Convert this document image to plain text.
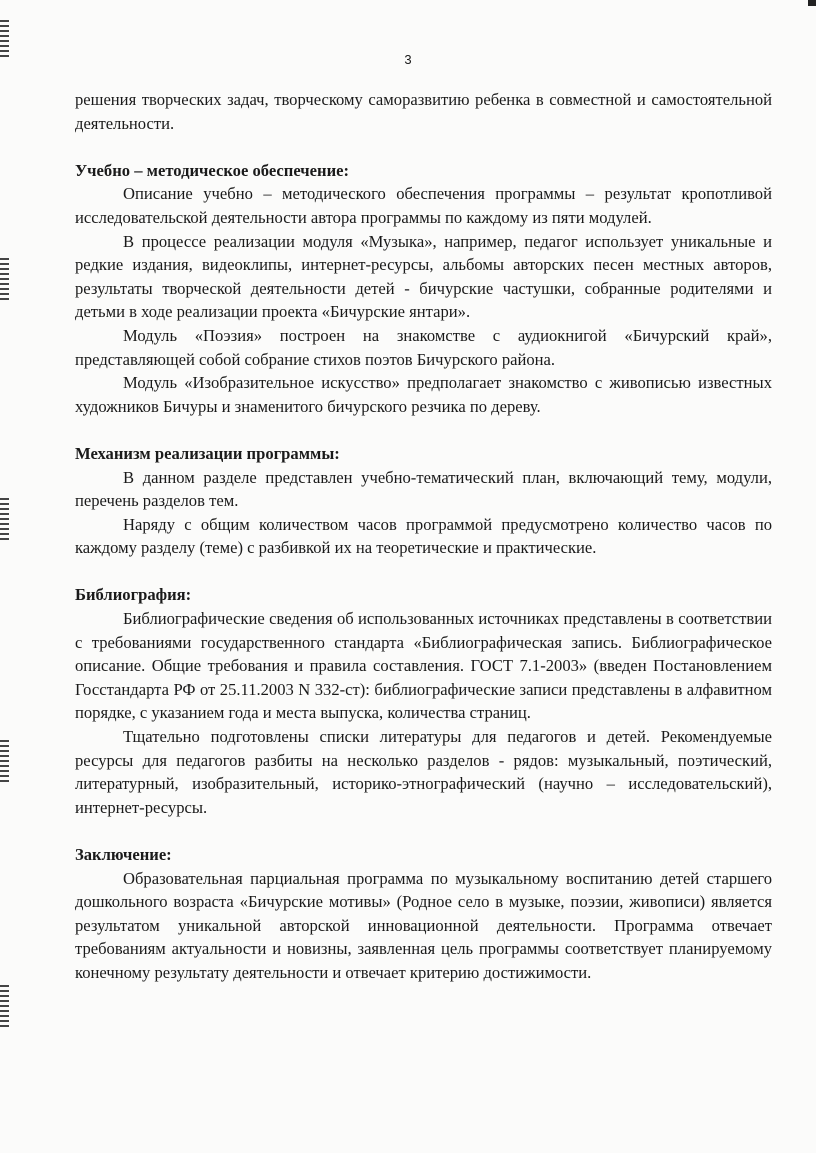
3

решения творческих задач, творческому саморазвитию ребенка в совместной и самостоятельной деятельности.

Учебно – методическое обеспечение:

Описание учебно – методического обеспечения программы – результат кропотливой исследовательской деятельности автора программы по каждому из пяти модулей.

В процессе реализации модуля «Музыка», например, педагог использует уникальные и редкие издания, видеоклипы, интернет-ресурсы, альбомы авторских песен местных авторов, результаты творческой деятельности детей - бичурские частушки, собранные родителями и детьми в ходе реализации проекта «Бичурские янтари».

Модуль «Поэзия» построен на знакомстве с аудиокнигой «Бичурский край», представляющей собой собрание стихов поэтов Бичурского района.

Модуль «Изобразительное искусство» предполагает знакомство с живописью известных художников Бичуры и знаменитого бичурского резчика по дереву.

Механизм реализации программы:

В данном разделе представлен учебно-тематический план, включающий тему, модули, перечень разделов тем.

Наряду с общим количеством часов программой предусмотрено количество часов по каждому разделу (теме) с разбивкой их на теоретические и практические.

Библиография:

Библиографические сведения об использованных источниках представлены в соответствии с требованиями государственного стандарта «Библиографическая запись. Библиографическое описание. Общие требования и правила составления. ГОСТ 7.1-2003» (введен Постановлением Госстандарта РФ от 25.11.2003 N 332-ст): библиографические записи представлены в алфавитном порядке, с указанием года и места выпуска, количества страниц.

Тщательно подготовлены списки литературы для педагогов и детей. Рекомендуемые ресурсы для педагогов разбиты на несколько разделов - рядов: музыкальный, поэтический, литературный, изобразительный, историко-этнографический (научно – исследовательский), интернет-ресурсы.

Заключение:

Образовательная парциальная программа по музыкальному воспитанию детей старшего дошкольного возраста «Бичурские мотивы» (Родное село в музыке, поэзии, живописи) является результатом уникальной авторской инновационной деятельности. Программа отвечает требованиям актуальности и новизны, заявленная цель программы соответствует планируемому конечному результату деятельности и отвечает критерию достижимости.
